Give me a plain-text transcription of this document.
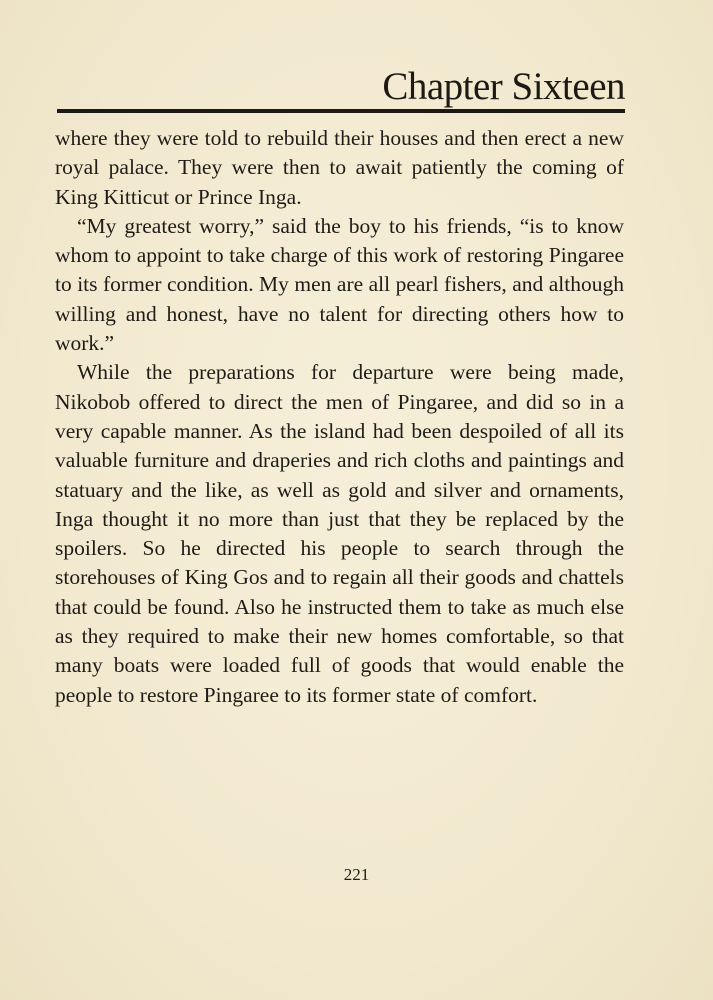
Chapter Sixteen

where they were told to rebuild their houses and then erect a new royal palace. They were then to await patiently the coming of King Kitticut or Prince Inga.

“My greatest worry,” said the boy to his friends, “is to know whom to appoint to take charge of this work of restoring Pingaree to its former condition. My men are all pearl fishers, and although willing and honest, have no talent for directing others how to work.”

While the preparations for departure were being made, Nikobob offered to direct the men of Pingaree, and did so in a very capable manner. As the island had been despoiled of all its valuable furniture and draperies and rich cloths and paintings and statuary and the like, as well as gold and silver and ornaments, Inga thought it no more than just that they be replaced by the spoilers. So he directed his people to search through the storehouses of King Gos and to regain all their goods and chattels that could be found. Also he instructed them to take as much else as they required to make their new homes comfortable, so that many boats were loaded full of goods that would enable the people to restore Pingaree to its former state of comfort.

221
